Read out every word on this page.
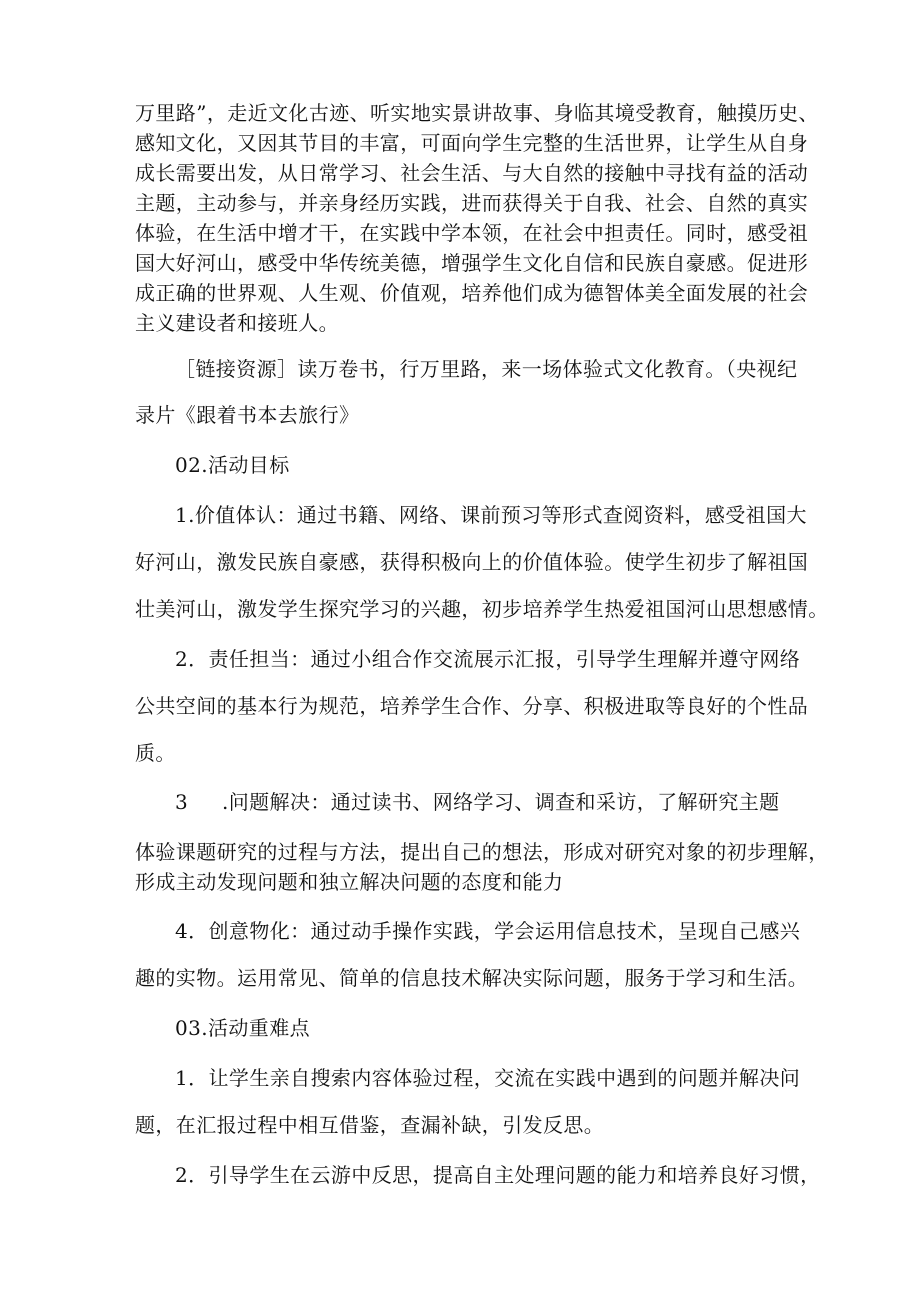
万里路”，走近文化古迹、听实地实景讲故事、身临其境受教育，触摸历史、
感知文化，又因其节目的丰富，可面向学生完整的生活世界，让学生从自身
成长需要出发，从日常学习、社会生活、与大自然的接触中寻找有益的活动
主题，主动参与，并亲身经历实践，进而获得关于自我、社会、自然的真实
体验，在生活中增才干，在实践中学本领，在社会中担责任。同时，感受祖
国大好河山，感受中华传统美德，增强学生文化自信和民族自豪感。促进形
成正确的世界观、人生观、价值观，培养他们成为德智体美全面发展的社会
主义建设者和接班人。
［链接资源］读万卷书，行万里路，来一场体验式文化教育。（央视纪
录片《跟着书本去旅行》
02.活动目标
1.价值体认：通过书籍、网络、课前预习等形式查阅资料，感受祖国大
好河山，激发民族自豪感，获得积极向上的价值体验。使学生初步了解祖国
壮美河山，激发学生探究学习的兴趣，初步培养学生热爱祖国河山思想感情。
2．责任担当：通过小组合作交流展示汇报，引导学生理解并遵守网络
公共空间的基本行为规范，培养学生合作、分享、积极进取等良好的个性品
质。
3 .问题解决：通过读书、网络学习、调查和采访，了解研究主题
体验课题研究的过程与方法，提出自己的想法，形成对研究对象的初步理解，
形成主动发现问题和独立解决问题的态度和能力
4．创意物化：通过动手操作实践，学会运用信息技术，呈现自己感兴
趣的实物。运用常见、简单的信息技术解决实际问题，服务于学习和生活。
03.活动重难点
1．让学生亲自搜索内容体验过程，交流在实践中遇到的问题并解决问
题，在汇报过程中相互借鉴，查漏补缺，引发反思。
2．引导学生在云游中反思，提高自主处理问题的能力和培养良好习惯，
